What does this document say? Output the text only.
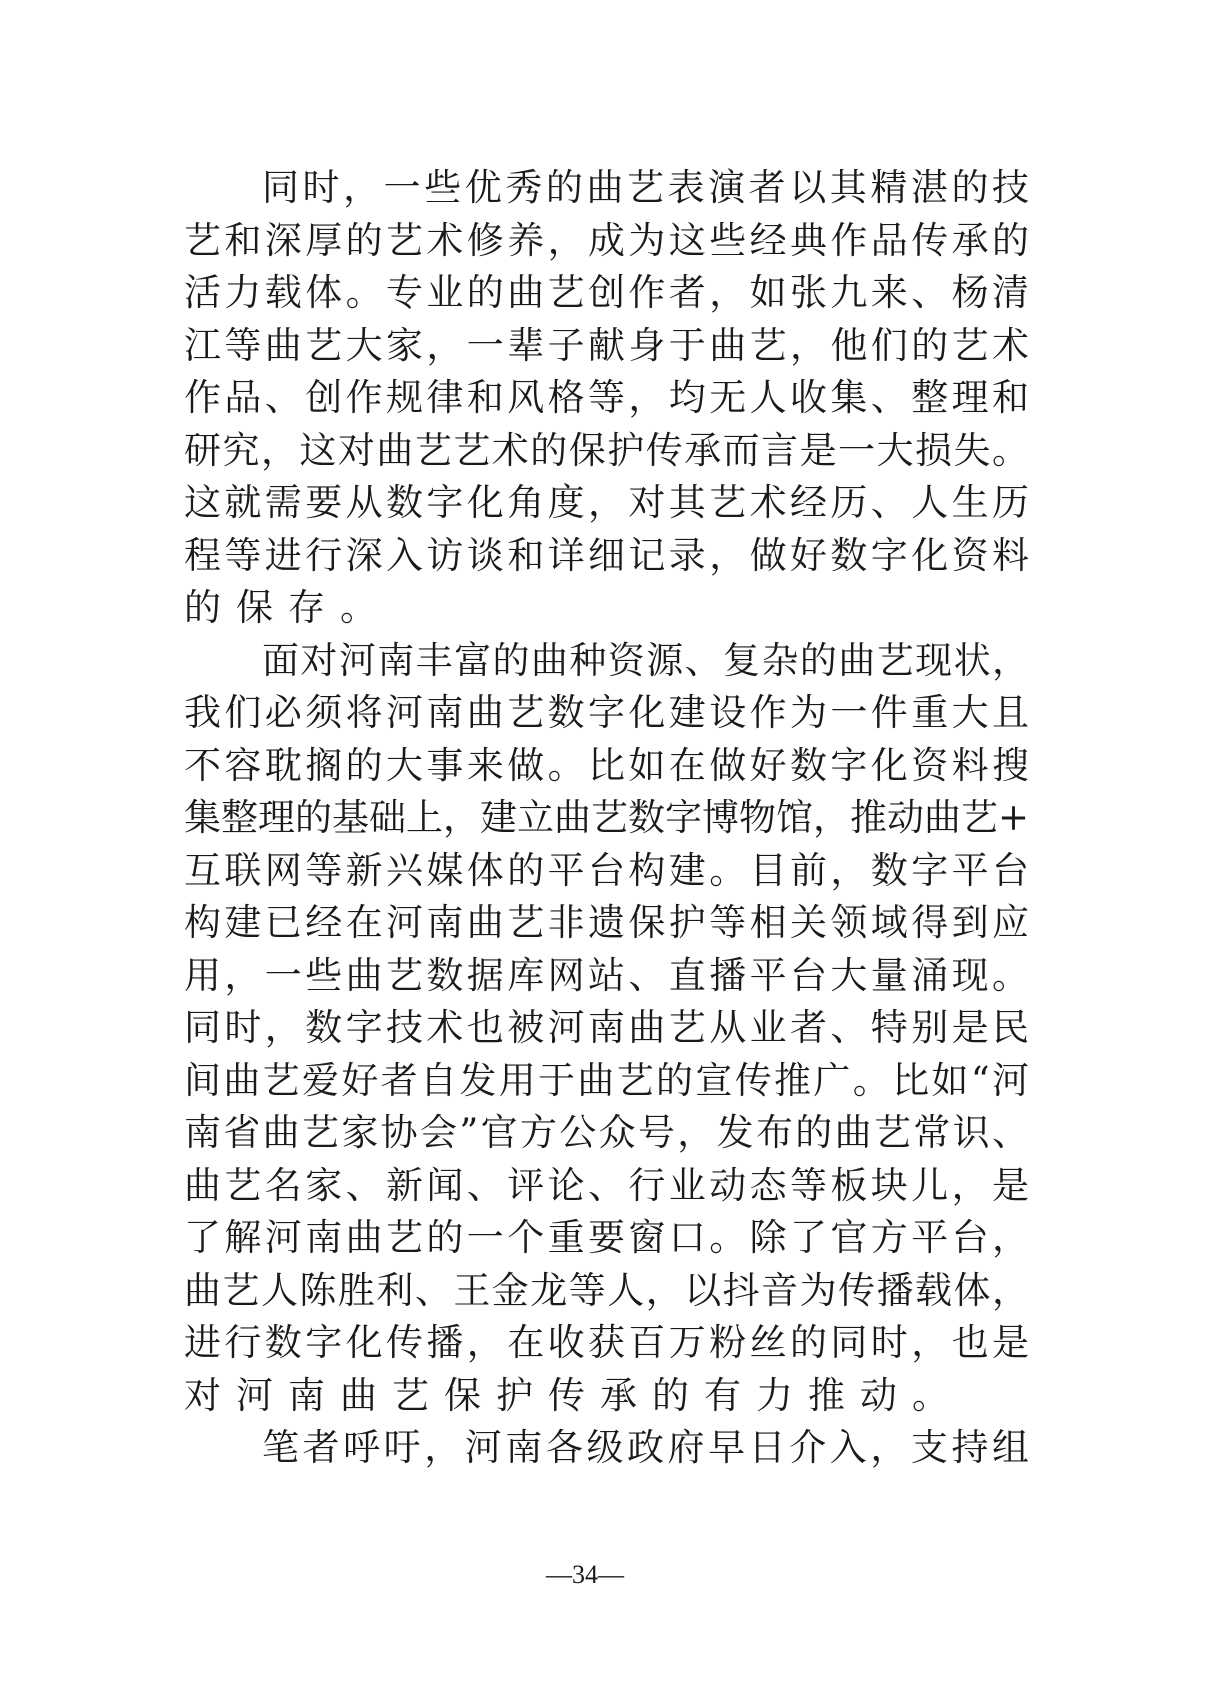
同时，一些优秀的曲艺表演者以其精湛的技
艺和深厚的艺术修养，成为这些经典作品传承的
活力载体。专业的曲艺创作者，如张九来、杨清
江等曲艺大家，一辈子献身于曲艺，他们的艺术
作品、创作规律和风格等，均无人收集、整理和
研究，这对曲艺艺术的保护传承而言是一大损失。
这就需要从数字化角度，对其艺术经历、人生历
程等进行深入访谈和详细记录，做好数字化资料
的保存。
面对河南丰富的曲种资源、复杂的曲艺现状，
我们必须将河南曲艺数字化建设作为一件重大且
不容耽搁的大事来做。比如在做好数字化资料搜
集整理的基础上，建立曲艺数字博物馆，推动曲艺+
互联网等新兴媒体的平台构建。目前，数字平台
构建已经在河南曲艺非遗保护等相关领域得到应
用，一些曲艺数据库网站、直播平台大量涌现。
同时，数字技术也被河南曲艺从业者、特别是民
间曲艺爱好者自发用于曲艺的宣传推广。比如“河
南省曲艺家协会”官方公众号，发布的曲艺常识、
曲艺名家、新闻、评论、行业动态等板块儿，是
了解河南曲艺的一个重要窗口。除了官方平台，
曲艺人陈胜利、王金龙等人，以抖音为传播载体，
进行数字化传播，在收获百万粉丝的同时，也是
对河南曲艺保护传承的有力推动。
笔者呼吁，河南各级政府早日介入，支持组
—34—
